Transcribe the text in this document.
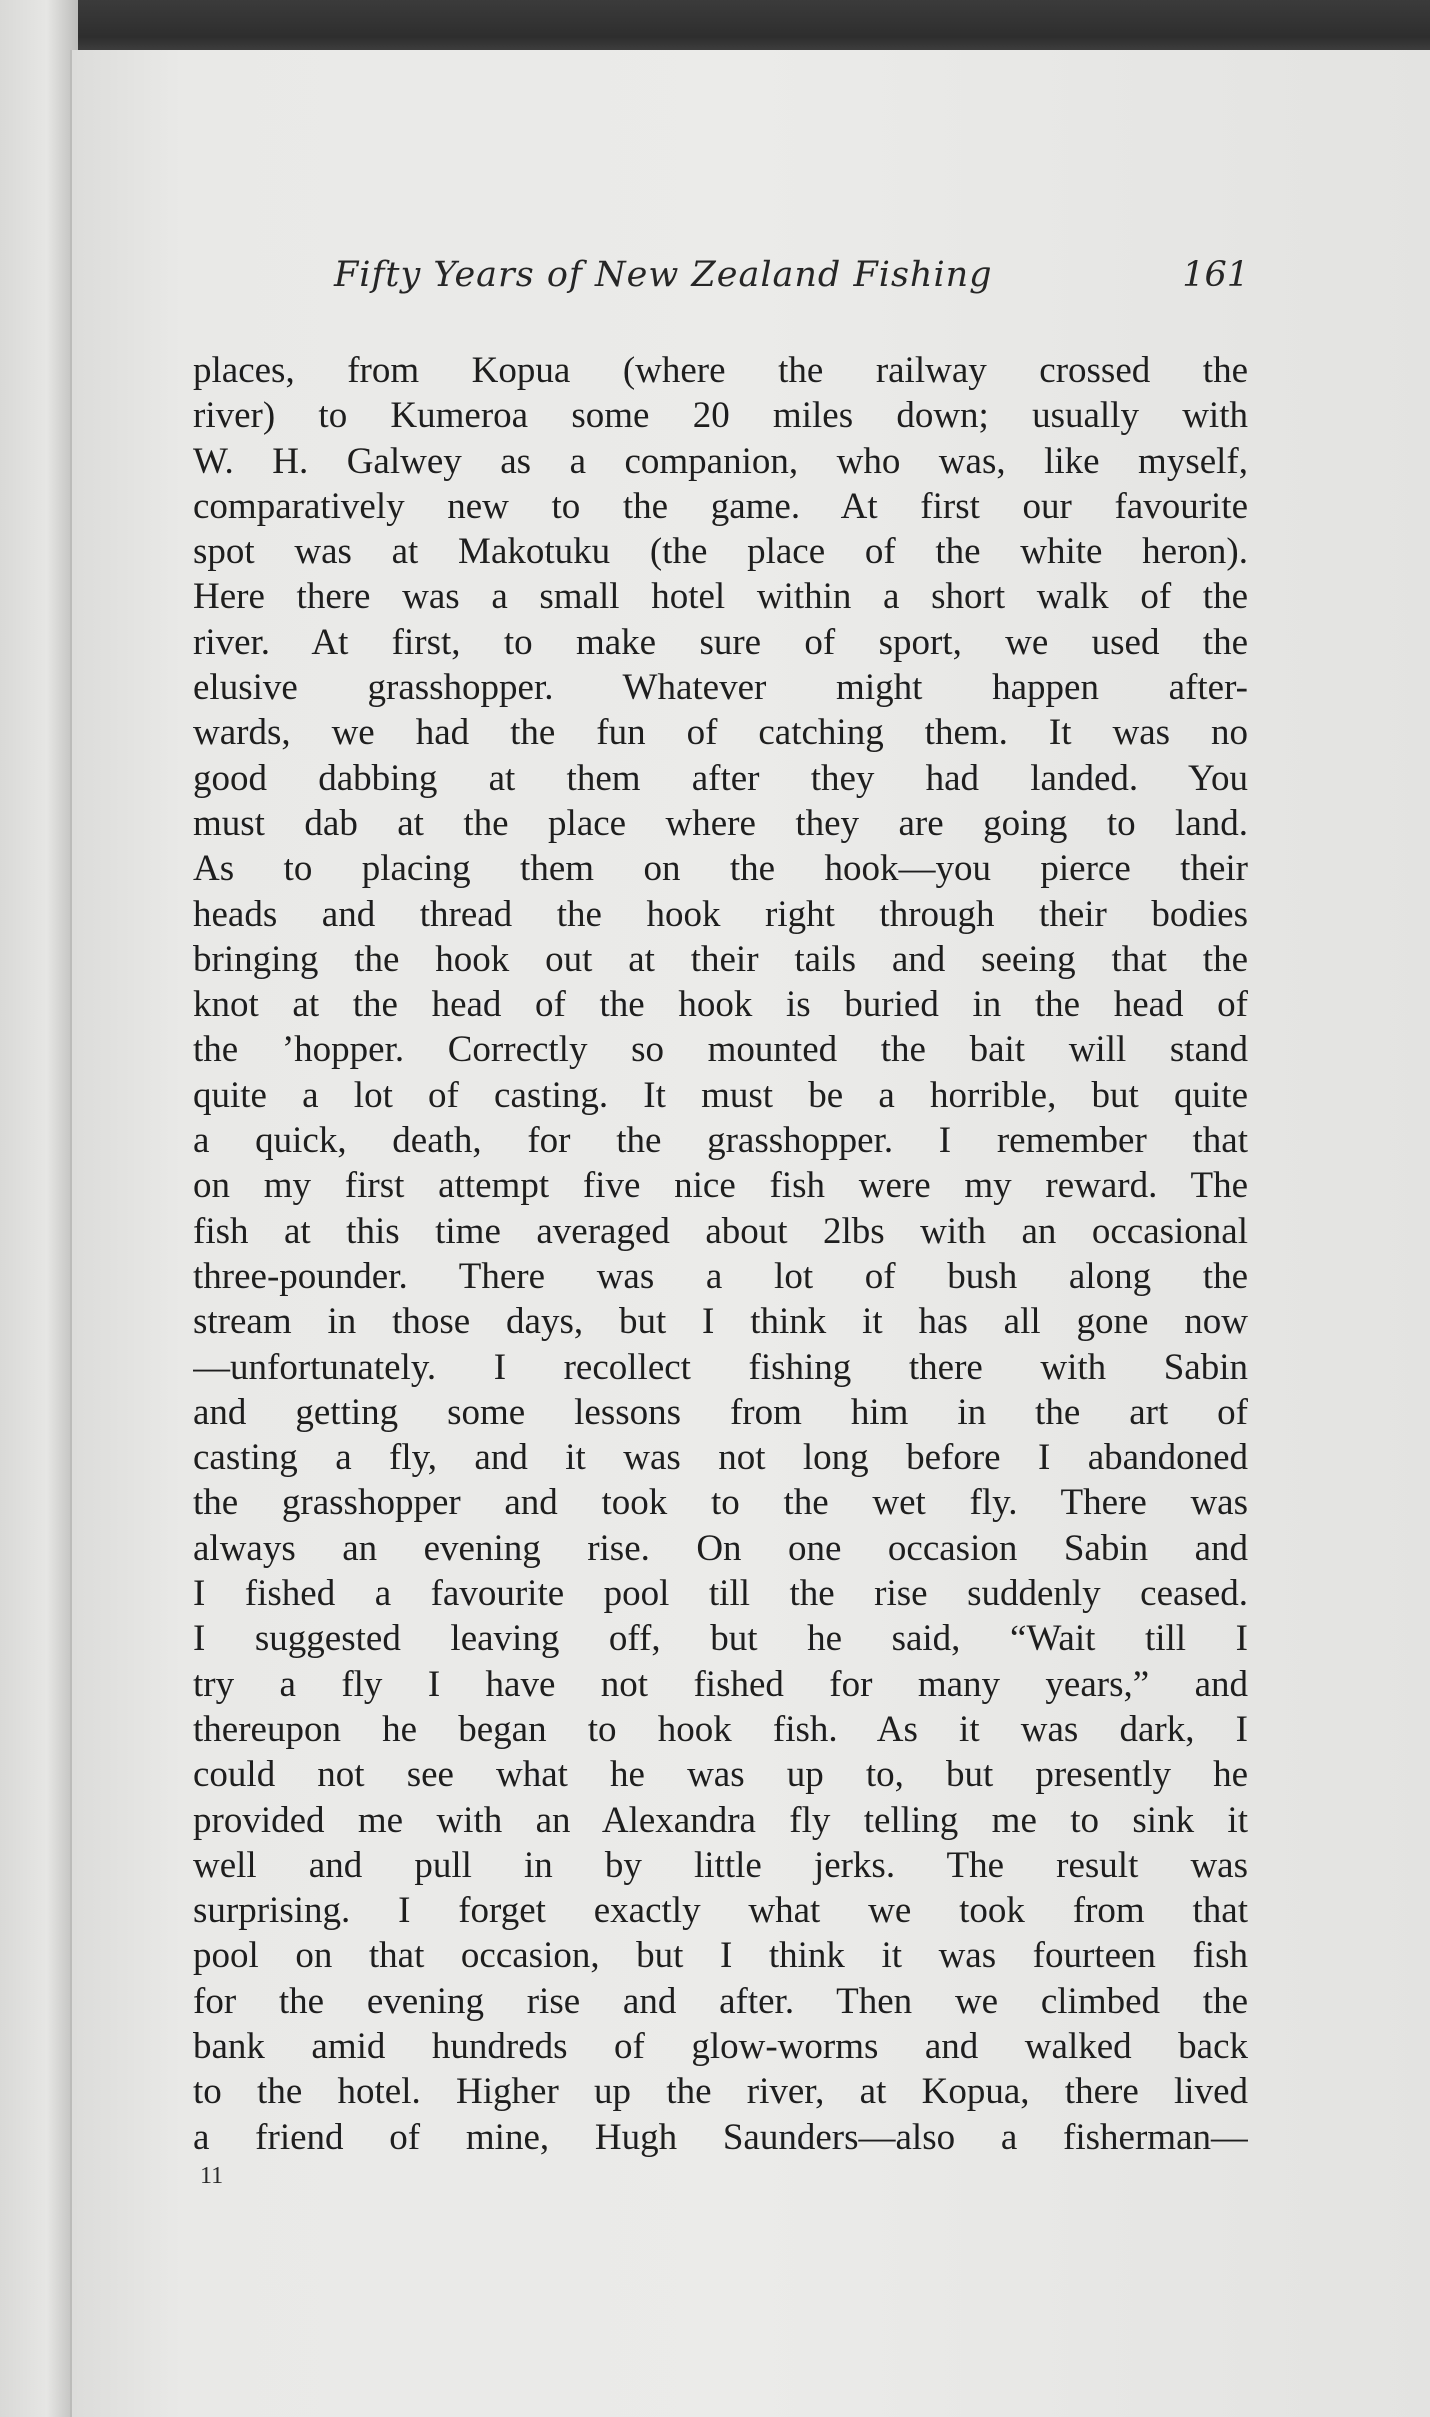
Fifty Years of New Zealand Fishing	161
places, from Kopua (where the railway crossed the
river) to Kumeroa some 20 miles down; usually with
W. H. Galwey as a companion, who was, like myself,
comparatively new to the game. At first our favourite
spot was at Makotuku (the place of the white heron).
Here there was a small hotel within a short walk of the
river. At first, to make sure of sport, we used the
elusive grasshopper. Whatever might happen after-
wards, we had the fun of catching them. It was no
good dabbing at them after they had landed. You
must dab at the place where they are going to land.
As to placing them on the hook—you pierce their
heads and thread the hook right through their bodies
bringing the hook out at their tails and seeing that the
knot at the head of the hook is buried in the head of
the ’hopper. Correctly so mounted the bait will stand
quite a lot of casting. It must be a horrible, but quite
a quick, death, for the grasshopper. I remember that
on my first attempt five nice fish were my reward. The
fish at this time averaged about 2lbs with an occasional
three-pounder. There was a lot of bush along the
stream in those days, but I think it has all gone now
—unfortunately. I recollect fishing there with Sabin
and getting some lessons from him in the art of
casting a fly, and it was not long before I abandoned
the grasshopper and took to the wet fly. There was
always an evening rise. On one occasion Sabin and
I fished a favourite pool till the rise suddenly ceased.
I suggested leaving off, but he said, “Wait till I
try a fly I have not fished for many years,” and
thereupon he began to hook fish. As it was dark, I
could not see what he was up to, but presently he
provided me with an Alexandra fly telling me to sink it
well and pull in by little jerks. The result was
surprising. I forget exactly what we took from that
pool on that occasion, but I think it was fourteen fish
for the evening rise and after. Then we climbed the
bank amid hundreds of glow-worms and walked back
to the hotel. Higher up the river, at Kopua, there lived
a friend of mine, Hugh Saunders—also a fisherman—
11
